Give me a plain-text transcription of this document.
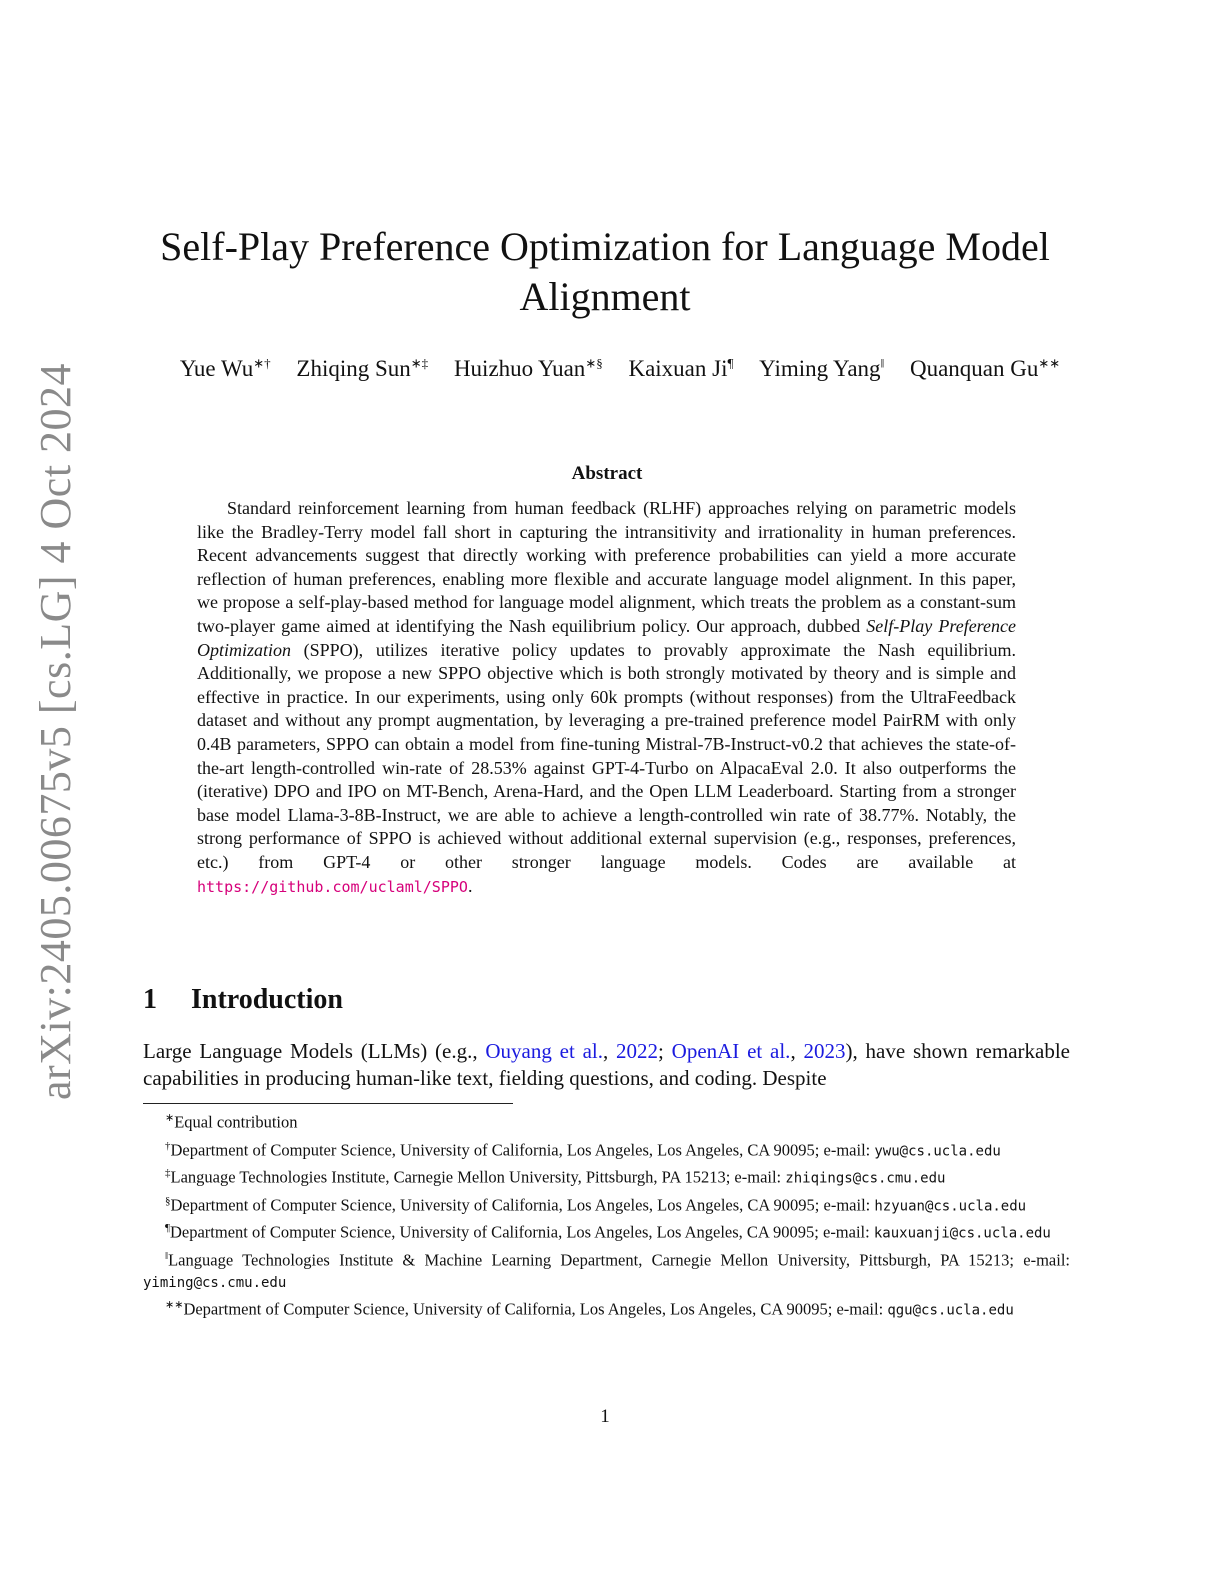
arXiv:2405.00675v5 [cs.LG] 4 Oct 2024
Self-Play Preference Optimization for Language Model Alignment
Yue Wu∗† Zhiqing Sun∗‡ Huizhuo Yuan∗§ Kaixuan Ji¶ Yiming Yang‖ Quanquan Gu∗∗
Abstract

Standard reinforcement learning from human feedback (RLHF) approaches relying on parametric models like the Bradley-Terry model fall short in capturing the intransitivity and irrationality in human preferences. Recent advancements suggest that directly working with preference probabilities can yield a more accurate reflection of human preferences, enabling more flexible and accurate language model alignment. In this paper, we propose a self-play-based method for language model alignment, which treats the problem as a constant-sum two-player game aimed at identifying the Nash equilibrium policy. Our approach, dubbed Self-Play Preference Optimization (SPPO), utilizes iterative policy updates to provably approximate the Nash equilibrium. Additionally, we propose a new SPPO objective which is both strongly motivated by theory and is simple and effective in practice. In our experiments, using only 60k prompts (without responses) from the UltraFeedback dataset and without any prompt augmentation, by leveraging a pre-trained preference model PairRM with only 0.4B parameters, SPPO can obtain a model from fine-tuning Mistral-7B-Instruct-v0.2 that achieves the state-of-the-art length-controlled win-rate of 28.53% against GPT-4-Turbo on AlpacaEval 2.0. It also outperforms the (iterative) DPO and IPO on MT-Bench, Arena-Hard, and the Open LLM Leaderboard. Starting from a stronger base model Llama-3-8B-Instruct, we are able to achieve a length-controlled win rate of 38.77%. Notably, the strong performance of SPPO is achieved without additional external supervision (e.g., responses, preferences, etc.) from GPT-4 or other stronger language models. Codes are available at https://github.com/uclaml/SPPO.

1 Introduction

Large Language Models (LLMs) (e.g., Ouyang et al., 2022; OpenAI et al., 2023), have shown remarkable capabilities in producing human-like text, fielding questions, and coding. Despite

∗Equal contribution

†Department of Computer Science, University of California, Los Angeles, Los Angeles, CA 90095; e-mail: ywu@cs.ucla.edu

‡Language Technologies Institute, Carnegie Mellon University, Pittsburgh, PA 15213; e-mail: zhiqings@cs.cmu.edu

§Department of Computer Science, University of California, Los Angeles, Los Angeles, CA 90095; e-mail: hzyuan@cs.ucla.edu

¶Department of Computer Science, University of California, Los Angeles, Los Angeles, CA 90095; e-mail: kauxuanji@cs.ucla.edu

‖Language Technologies Institute & Machine Learning Department, Carnegie Mellon University, Pittsburgh, PA 15213; e-mail: yiming@cs.cmu.edu

∗∗Department of Computer Science, University of California, Los Angeles, Los Angeles, CA 90095; e-mail: qgu@cs.ucla.edu

1
